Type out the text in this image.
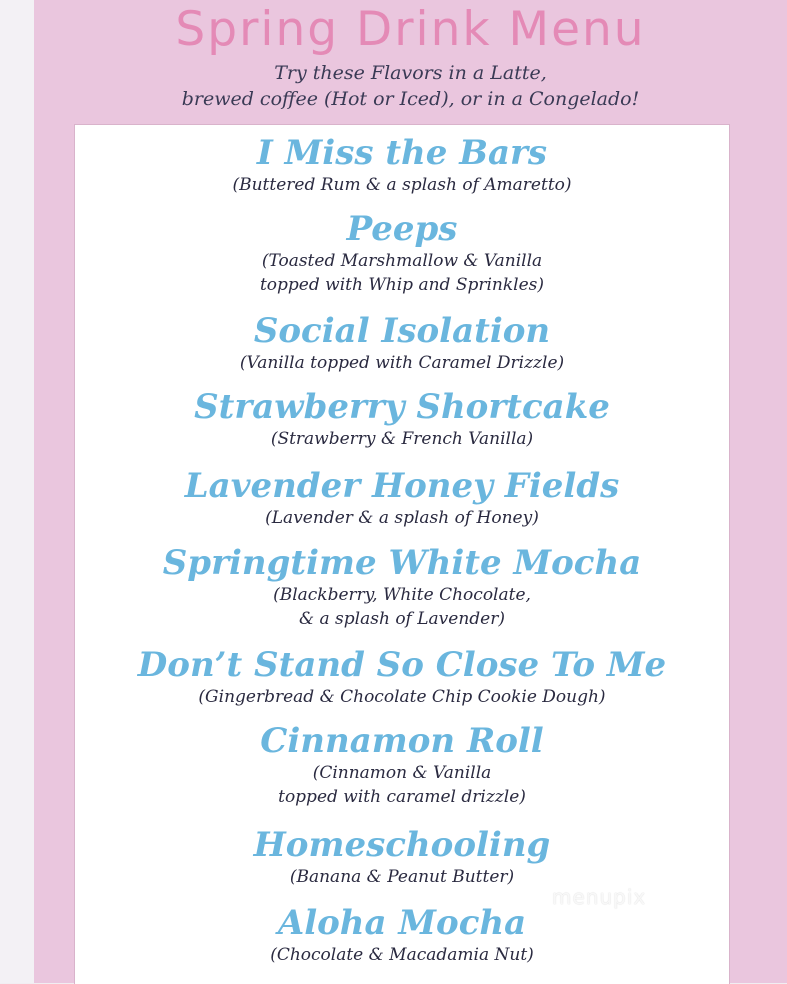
Spring Drink Menu
Try these Flavors in a Latte,
brewed coffee (Hot or Iced), or in a Congelado!
I Miss the Bars
(Buttered Rum & a splash of Amaretto)
Peeps
(Toasted Marshmallow & Vanilla
topped with Whip and Sprinkles)
Social Isolation
(Vanilla topped with Caramel Drizzle)
Strawberry Shortcake
(Strawberry & French Vanilla)
Lavender Honey Fields
(Lavender & a splash of Honey)
Springtime White Mocha
(Blackberry, White Chocolate,
& a splash of Lavender)
Don’t Stand So Close To Me
(Gingerbread & Chocolate Chip Cookie Dough)
Cinnamon Roll
(Cinnamon & Vanilla
topped with caramel drizzle)
Homeschooling
(Banana & Peanut Butter)
Aloha Mocha
(Chocolate & Macadamia Nut)
menupix
